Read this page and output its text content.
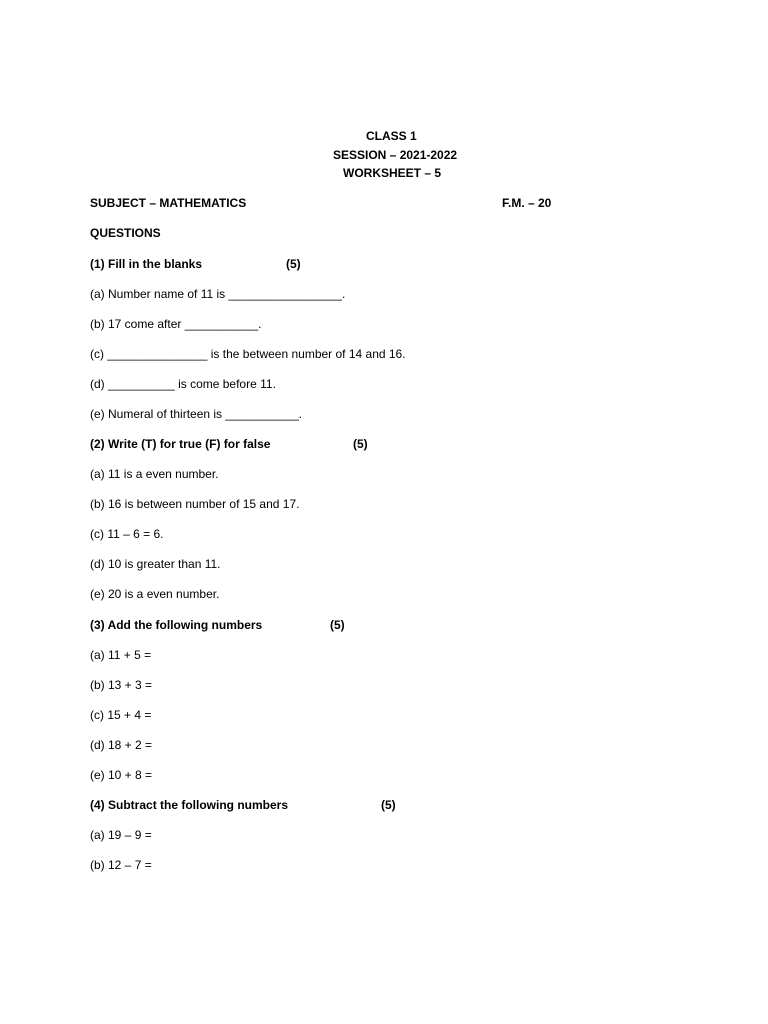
CLASS 1
SESSION – 2021-2022
WORKSHEET – 5
SUBJECT – MATHEMATICS	F.M. – 20
QUESTIONS
(1) Fill in the blanks	(5)
(a) Number name of 11 is _________________.
(b) 17 come after ___________.
(c) _______________ is the between number of 14 and 16.
(d) __________ is come before 11.
(e) Numeral of thirteen is ___________.
(2) Write (T) for true (F) for false	(5)
(a) 11 is a even number.
(b) 16 is between number of 15 and 17.
(c) 11 – 6 = 6.
(d) 10 is greater than 11.
(e) 20 is a even number.
(3) Add the following numbers	(5)
(a) 11 + 5 =
(b) 13 + 3 =
(c) 15 + 4 =
(d) 18 + 2 =
(e) 10 + 8 =
(4) Subtract the following numbers	(5)
(a) 19 – 9 =
(b) 12 – 7 =
